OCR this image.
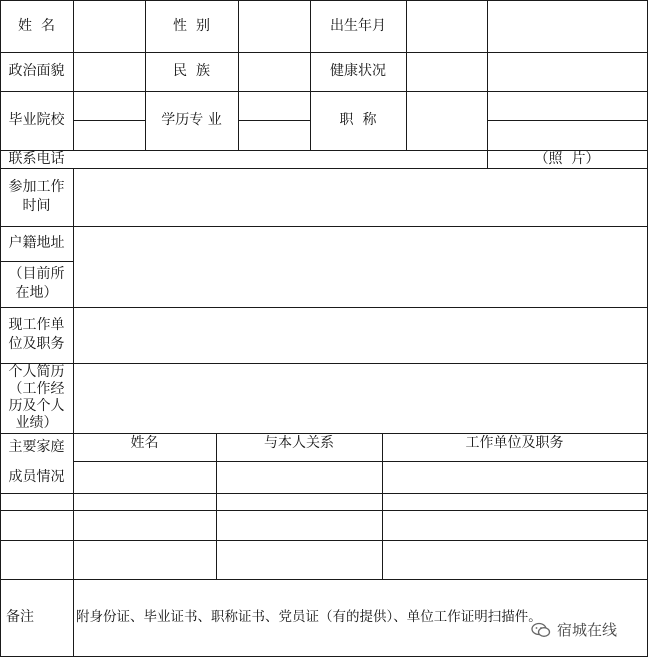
姓  名	性  别	出生年月
政治面貌	民  族	健康状况
毕业院校	学历专 业	职  称
联系电话	（照  片）
参加工作
时间
户籍地址
（目前所
在地）
现工作单
位及职务
个人简历
（工作经
历及个人
业绩）
主要家庭
成员情况
姓名	与本人关系	工作单位及职务
备注	附身份证、毕业证书、职称证书、党员证（有的提供）、单位工作证明扫描件。
宿城在线
